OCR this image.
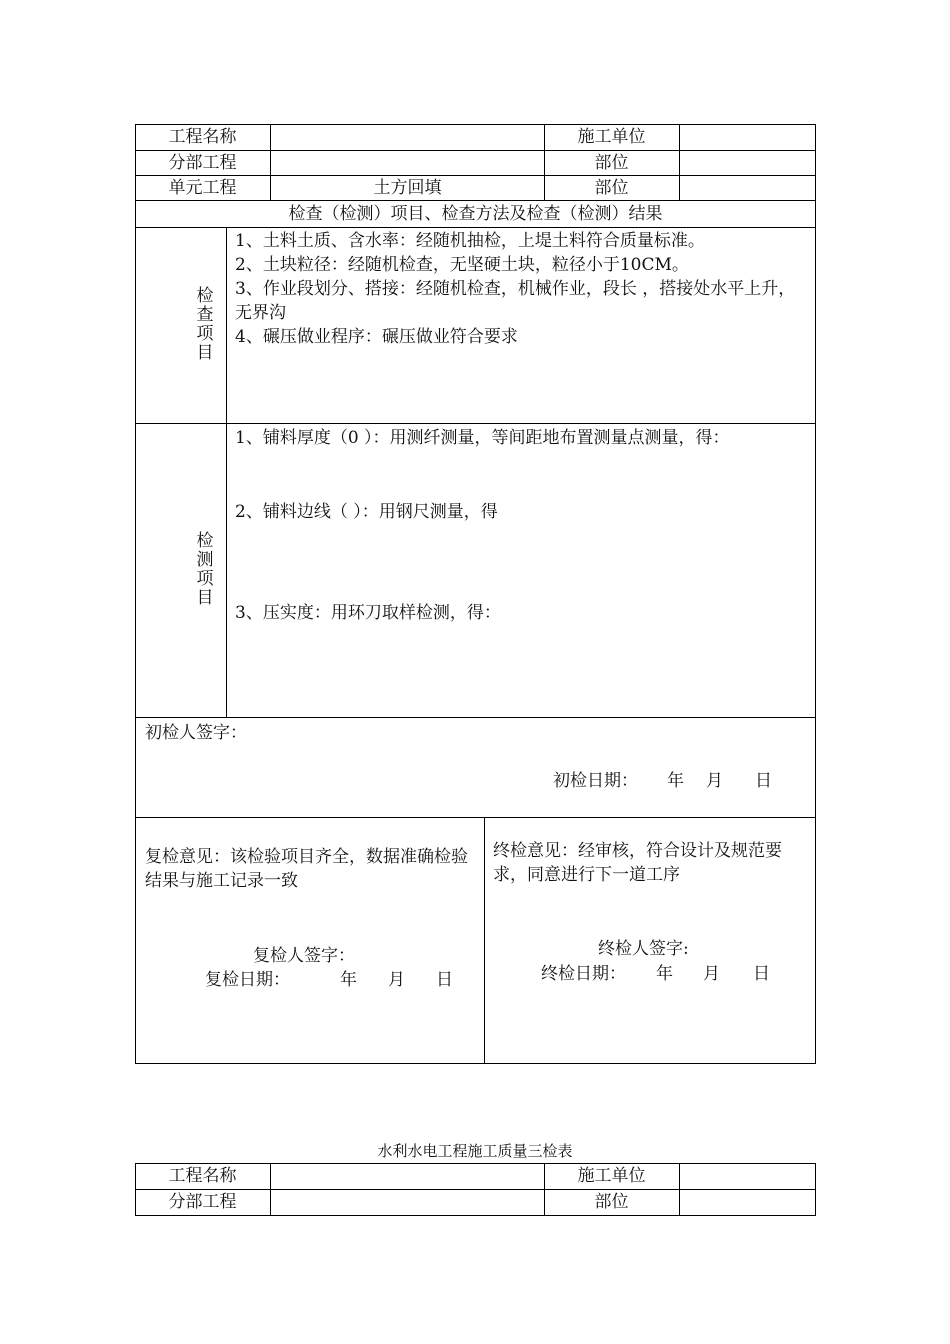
工程名称	施工单位
分部工程	部位
单元工程	土方回填	部位
检查（检测）项目、检查方法及检查（检测）结果
检查项目
1、土料土质、含水率：经随机抽检，上堤土料符合质量标准。
2、土块粒径：经随机检查，无坚硬土块，粒径小于10CM。
3、作业段划分、搭接：经随机检查，机械作业，段长 ，搭接处水平上升，无界沟
4、碾压做业程序：碾压做业符合要求
检测项目
1、铺料厚度（0 ）：用测纤测量，等间距地布置测量点测量，得：
2、铺料边线（ ）：用钢尺测量，得
3、压实度：用环刀取样检测，得：
初检人签字：
初检日期： 年 月 日
复检意见：该检验项目齐全，数据准确检验结果与施工记录一致
复检人签字：
复检日期：	年 月 日
终检意见：经审核，符合设计及规范要求，同意进行下一道工序
终检人签字:
终检日期： 年 月 日
水利水电工程施工质量三检表
工程名称	施工单位
分部工程	部位
